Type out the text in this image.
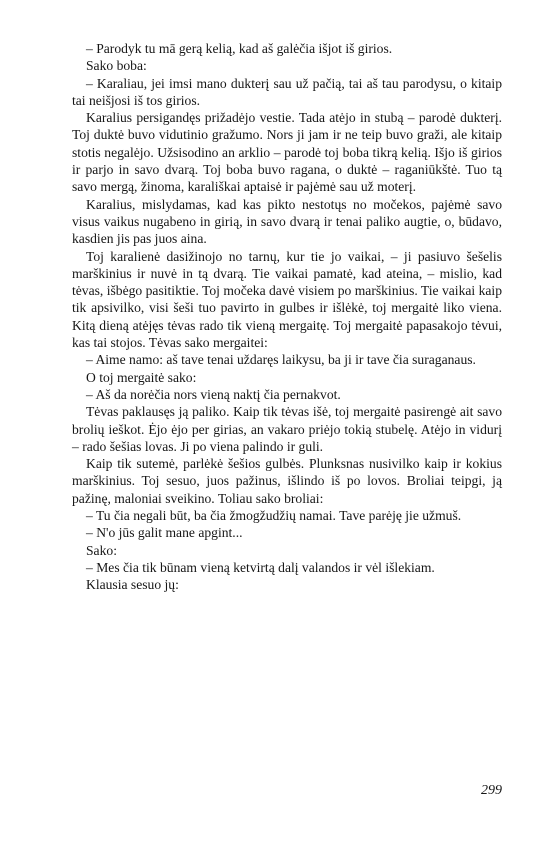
– Parodyk tu mā gerą kelią, kad aš galėčia išjot iš girios.

Sako boba:

– Karaliau, jei imsi mano dukterį sau už pačią, tai aš tau parodysu, o kitaip tai neišjosi iš tos girios.

Karalius persigandęs prižadėjo vestie. Tada atėjo in stubą – parodė dukterį. Toj duktė buvo vidutinio gražumo. Nors ji jam ir ne teip buvo graži, ale kitaip stotis negalėjo. Užsisodino an arklio – parodė toj boba tikrą kelią. Išjo iš girios ir parjo in savo dvarą. Toj boba buvo ragana, o duktė – raganiūkštė. Tuo tą savo mergą, žinoma, karališkai aptaisė ir pajėmė sau už moterį.

Karalius, mislydamas, kad kas pikto nestotųs no močekos, pajėmė savo visus vaikus nugabeno in girią, in savo dvarą ir tenai paliko augtie, o, būdavo, kasdien jis pas juos aina.

Toj karalienė dasižinojo no tarnų, kur tie jo vaikai, – ji pasiuvo šešelis marškinius ir nuvė in tą dvarą. Tie vaikai pamatė, kad ateina, – mislio, kad tėvas, išbėgo pasitiktie. Toj močeka davė visiem po marškinius. Tie vaikai kaip tik apsivilko, visi šeši tuo pavirto in gulbes ir išlėkė, toj mergaitė liko viena. Kitą dieną atėjęs tėvas rado tik vieną mergaitę. Toj mergaitė papasakojo tėvui, kas tai stojos. Tėvas sako mergaitei:

– Aime namo: aš tave tenai uždaręs laikysu, ba ji ir tave čia suraganaus.

O toj mergaitė sako:

– Aš da norėčia nors vieną naktį čia pernakvot.

Tėvas paklausęs ją paliko. Kaip tik tėvas išė, toj mergaitė pasirengė ait savo brolių ieškot. Ėjo ėjo per girias, an vakaro priėjo tokią stubelę. Atėjo in vidurį – rado šešias lovas. Ji po viena palindo ir guli.

Kaip tik sutemė, parlėkė šešios gulbės. Plunksnas nusivilko kaip ir kokius marškinius. Toj sesuo, juos pažinus, išlindo iš po lovos. Broliai teipgi, ją pažinę, maloniai sveikino. Toliau sako broliai:

– Tu čia negali būt, ba čia žmogžudžių namai. Tave parėję jie užmuš.

– N'o jūs galit mane apgint...

Sako:

– Mes čia tik būnam vieną ketvirtą dalį valandos ir vėl išlekiam.

Klausia sesuo jų:

299
